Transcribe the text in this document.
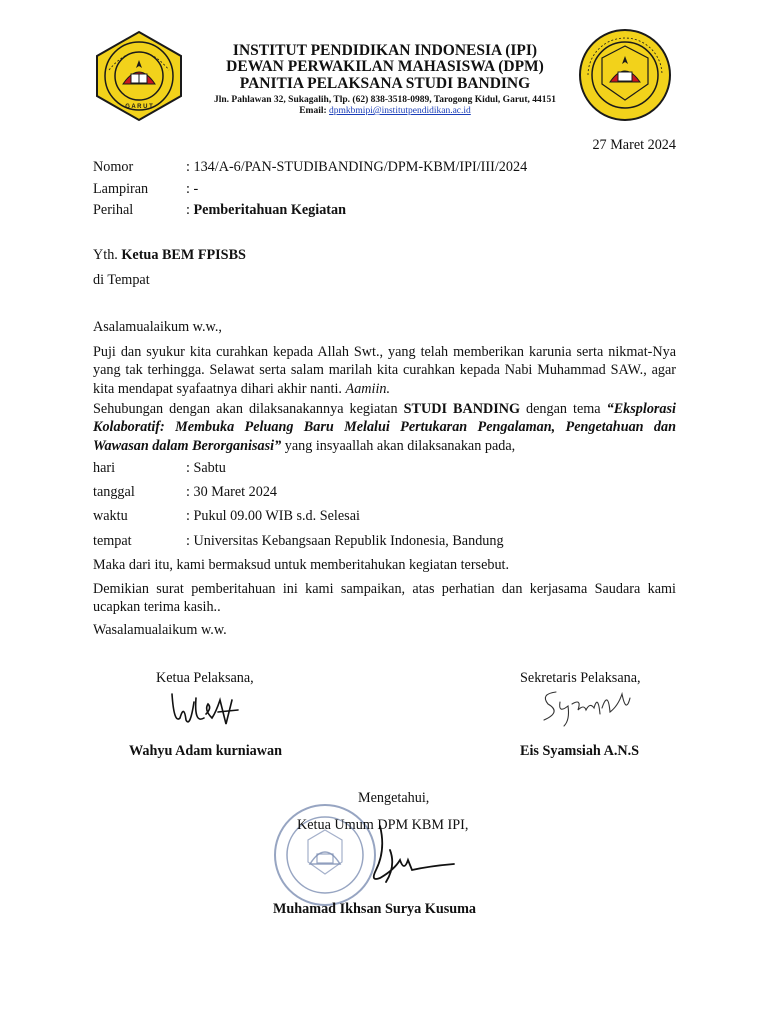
G A R U T
INSTITUT PENDIDIKAN INDONESIA (IPI)
DEWAN PERWAKILAN MAHASISWA (DPM)
PANITIA PELAKSANA STUDI BANDING
Jln. Pahlawan 32, Sukagalih, Tlp. (62) 838-3518-0989, Tarogong Kidul, Garut, 44151
Email: dpmkbmipi@institutpendidikan.ac.id
27 Maret 2024
Nomor	: 134/A-6/PAN-STUDIBANDING/DPM-KBM/IPI/III/2024
Lampiran	: -
Perihal	: Pemberitahuan Kegiatan
Yth. Ketua BEM FPISBS
di Tempat
Asalamualaikum w.w.,
Puji dan syukur kita curahkan kepada Allah Swt., yang telah memberikan karunia serta nikmat-Nya yang tak terhingga. Selawat serta salam marilah kita curahkan kepada Nabi Muhammad SAW., agar kita mendapat syafaatnya dihari akhir nanti. Aamiin.
Sehubungan dengan akan dilaksanakannya kegiatan STUDI BANDING dengan tema “Eksplorasi Kolaboratif: Membuka Peluang Baru Melalui Pertukaran Pengalaman, Pengetahuan dan Wawasan dalam Berorganisasi” yang insyaallah akan dilaksanakan pada,
hari	: Sabtu
tanggal	: 30 Maret 2024
waktu	: Pukul 09.00 WIB s.d. Selesai
tempat	: Universitas Kebangsaan Republik Indonesia, Bandung
Maka dari itu, kami bermaksud untuk memberitahukan kegiatan tersebut.
Demikian surat pemberitahuan ini kami sampaikan, atas perhatian dan kerjasama Saudara kami ucapkan terima kasih..
Wasalamualaikum w.w.
Ketua Pelaksana,
Wahyu Adam kurniawan
Sekretaris Pelaksana,
Eis Syamsiah A.N.S
Mengetahui,
Ketua Umum DPM KBM IPI,
Muhamad Ikhsan Surya Kusuma
